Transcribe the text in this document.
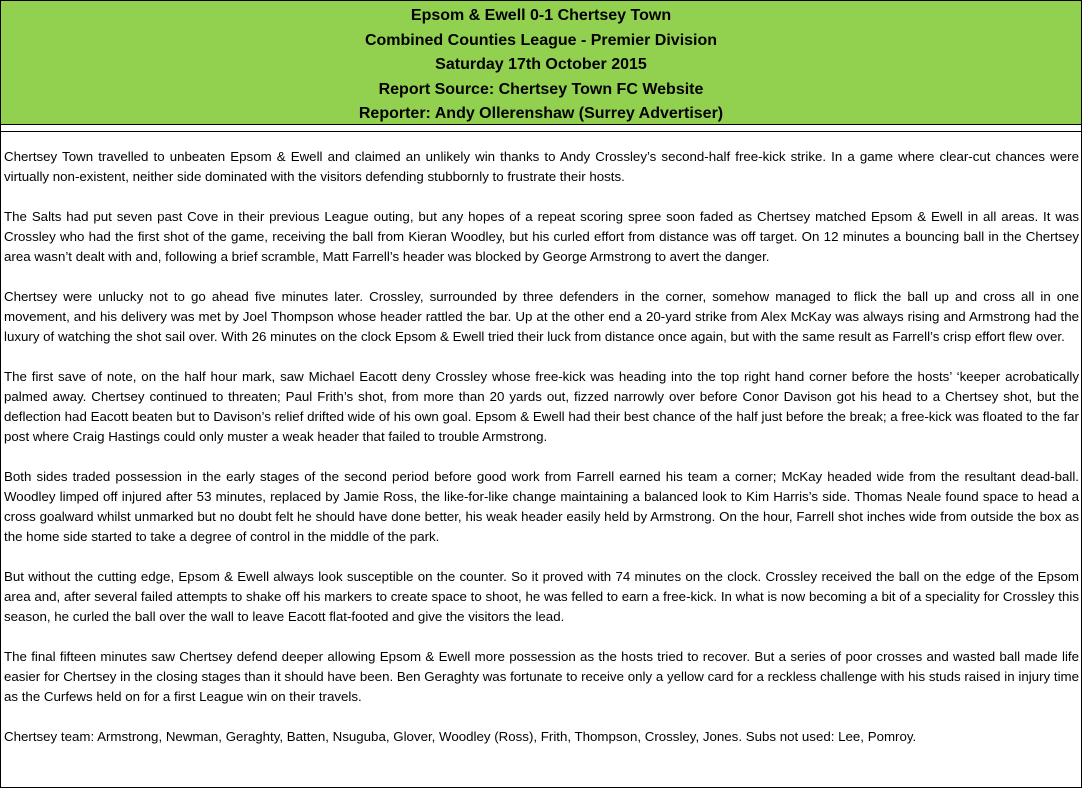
Epsom & Ewell 0-1 Chertsey Town
Combined Counties League - Premier Division
Saturday 17th October 2015
Report Source: Chertsey Town FC Website
Reporter: Andy Ollerenshaw (Surrey Advertiser)

Chertsey Town travelled to unbeaten Epsom & Ewell and claimed an unlikely win thanks to Andy Crossley’s second-half free-kick strike. In a game where clear-cut chances were virtually non-existent, neither side dominated with the visitors defending stubbornly to frustrate their hosts.

The Salts had put seven past Cove in their previous League outing, but any hopes of a repeat scoring spree soon faded as Chertsey matched Epsom & Ewell in all areas. It was Crossley who had the first shot of the game, receiving the ball from Kieran Woodley, but his curled effort from distance was off target. On 12 minutes a bouncing ball in the Chertsey area wasn’t dealt with and, following a brief scramble, Matt Farrell’s header was blocked by George Armstrong to avert the danger.

Chertsey were unlucky not to go ahead five minutes later. Crossley, surrounded by three defenders in the corner, somehow managed to flick the ball up and cross all in one movement, and his delivery was met by Joel Thompson whose header rattled the bar. Up at the other end a 20-yard strike from Alex McKay was always rising and Armstrong had the luxury of watching the shot sail over. With 26 minutes on the clock Epsom & Ewell tried their luck from distance once again, but with the same result as Farrell’s crisp effort flew over.

The first save of note, on the half hour mark, saw Michael Eacott deny Crossley whose free-kick was heading into the top right hand corner before the hosts’ ‘keeper acrobatically palmed away. Chertsey continued to threaten; Paul Frith’s shot, from more than 20 yards out, fizzed narrowly over before Conor Davison got his head to a Chertsey shot, but the deflection had Eacott beaten but to Davison’s relief drifted wide of his own goal. Epsom & Ewell had their best chance of the half just before the break; a free-kick was floated to the far post where Craig Hastings could only muster a weak header that failed to trouble Armstrong.

Both sides traded possession in the early stages of the second period before good work from Farrell earned his team a corner; McKay headed wide from the resultant dead-ball. Woodley limped off injured after 53 minutes, replaced by Jamie Ross, the like-for-like change maintaining a balanced look to Kim Harris’s side. Thomas Neale found space to head a cross goalward whilst unmarked but no doubt felt he should have done better, his weak header easily held by Armstrong. On the hour, Farrell shot inches wide from outside the box as the home side started to take a degree of control in the middle of the park.

But without the cutting edge, Epsom & Ewell always look susceptible on the counter. So it proved with 74 minutes on the clock. Crossley received the ball on the edge of the Epsom area and, after several failed attempts to shake off his markers to create space to shoot, he was felled to earn a free-kick. In what is now becoming a bit of a speciality for Crossley this season, he curled the ball over the wall to leave Eacott flat-footed and give the visitors the lead.

The final fifteen minutes saw Chertsey defend deeper allowing Epsom & Ewell more possession as the hosts tried to recover. But a series of poor crosses and wasted ball made life easier for Chertsey in the closing stages than it should have been. Ben Geraghty was fortunate to receive only a yellow card for a reckless challenge with his studs raised in injury time as the Curfews held on for a first League win on their travels.

Chertsey team: Armstrong, Newman, Geraghty, Batten, Nsuguba, Glover, Woodley (Ross), Frith, Thompson, Crossley, Jones. Subs not used: Lee, Pomroy.
